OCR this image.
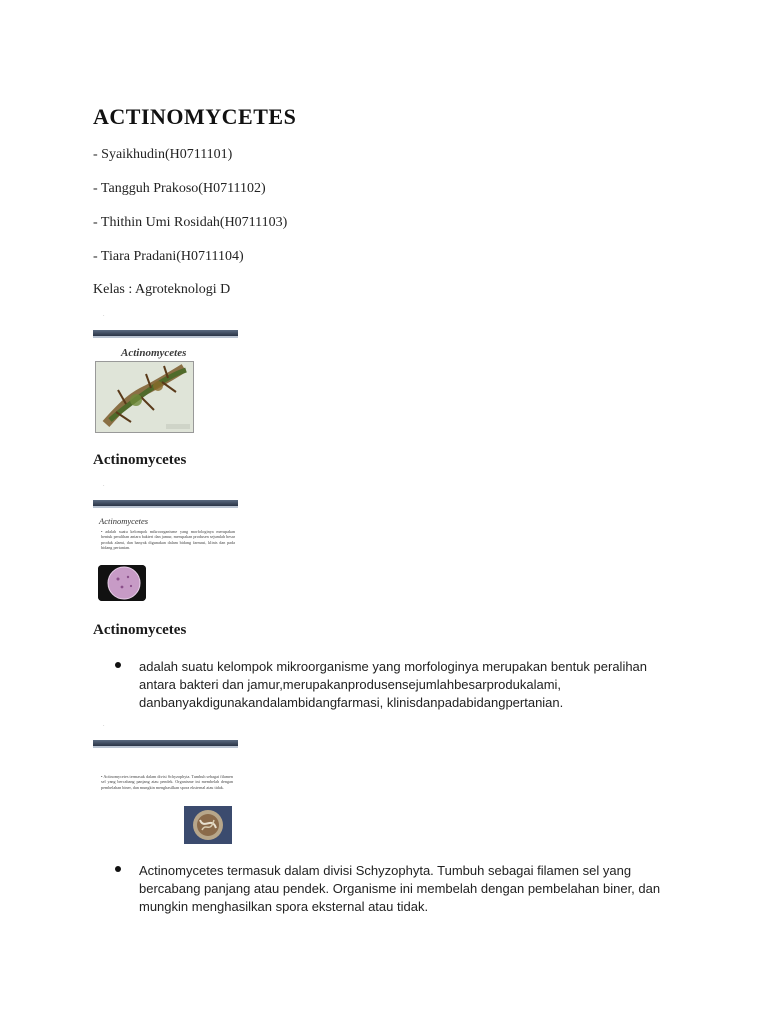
ACTINOMYCETES

- Syaikhudin(H0711101)

- Tangguh Prakoso(H0711102)

- Thithin Umi Rosidah(H0711103)

- Tiara Pradani(H0711104)

Kelas : Agroteknologi D

.
Actinomycetes
Actinomycetes
.
Actinomycetes

• adalah suatu kelompok mikroorganisme yang morfologinya merupakan bentuk peralihan antara bakteri dan jamur, merupakan produsen sejumlah besar produk alami, dan banyak digunakan dalam bidang farmasi, klinis dan pada bidang pertanian.

Actinomycetes

adalah suatu kelompok mikroorganisme yang morfologinya merupakan bentuk peralihan antara bakteri dan jamur,merupakanprodusensejumlahbesarprodukalami, danbanyakdigunakandalambidangfarmasi, klinisdanpadabidangpertanian.

.

• Actinomycetes termasuk dalam divisi Schyzophyta. Tumbuh sebagai filamen sel yang bercabang panjang atau pendek. Organisme ini membelah dengan pembelahan biner, dan mungkin menghasilkan spora eksternal atau tidak.

Actinomycetes termasuk dalam divisi Schyzophyta. Tumbuh sebagai filamen sel yang bercabang panjang atau pendek. Organisme ini membelah dengan pembelahan biner, dan mungkin menghasilkan spora eksternal atau tidak.
